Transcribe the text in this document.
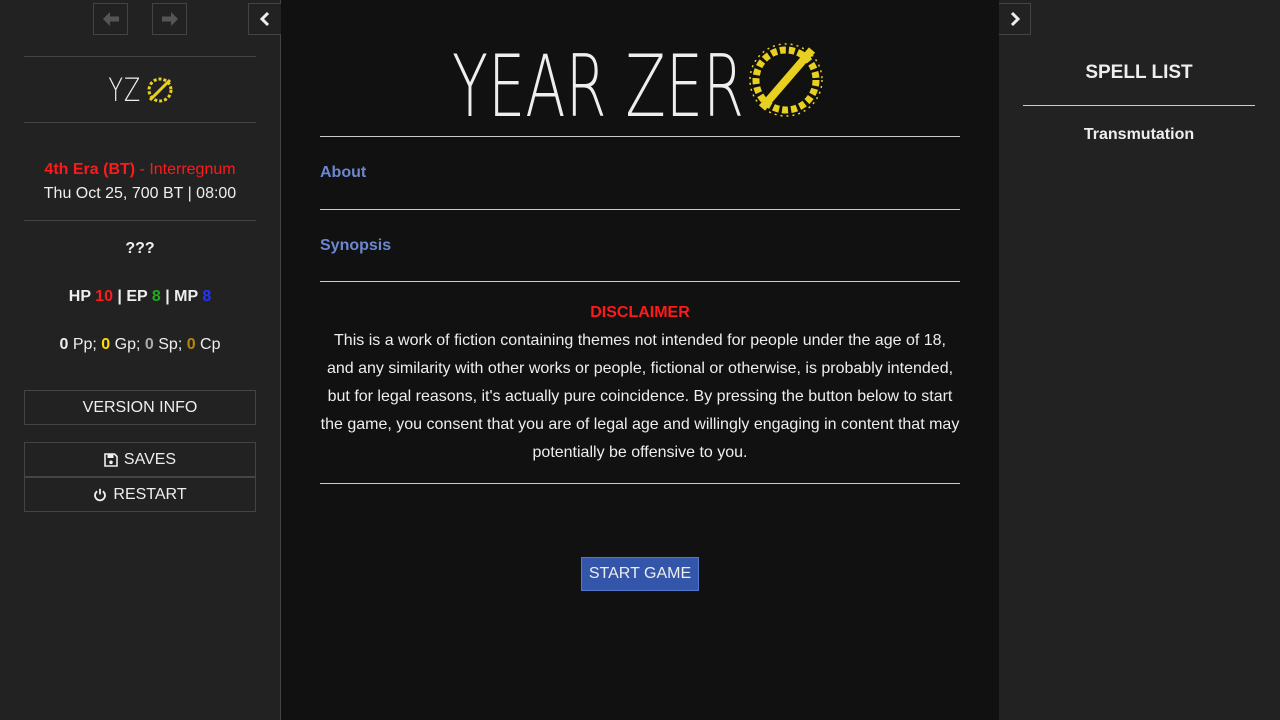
YZ
4th Era (BT) - Interregnum
Thu Oct 25, 700 BT | 08:00
???
HP 10 | EP 8 | MP 8
0 Pp; 0 Gp; 0 Sp; 0 Cp
VERSION INFO
SAVES
RESTART
YEAR ZER
About
Synopsis
DISCLAIMER
This is a work of fiction containing themes not intended for people under the age of 18, and any similarity with other works or people, fictional or otherwise, is probably intended, but for legal reasons, it's actually pure coincidence. By pressing the button below to start the game, you consent that you are of legal age and willingly engaging in content that may potentially be offensive to you.
START GAME
SPELL LIST
Transmutation
